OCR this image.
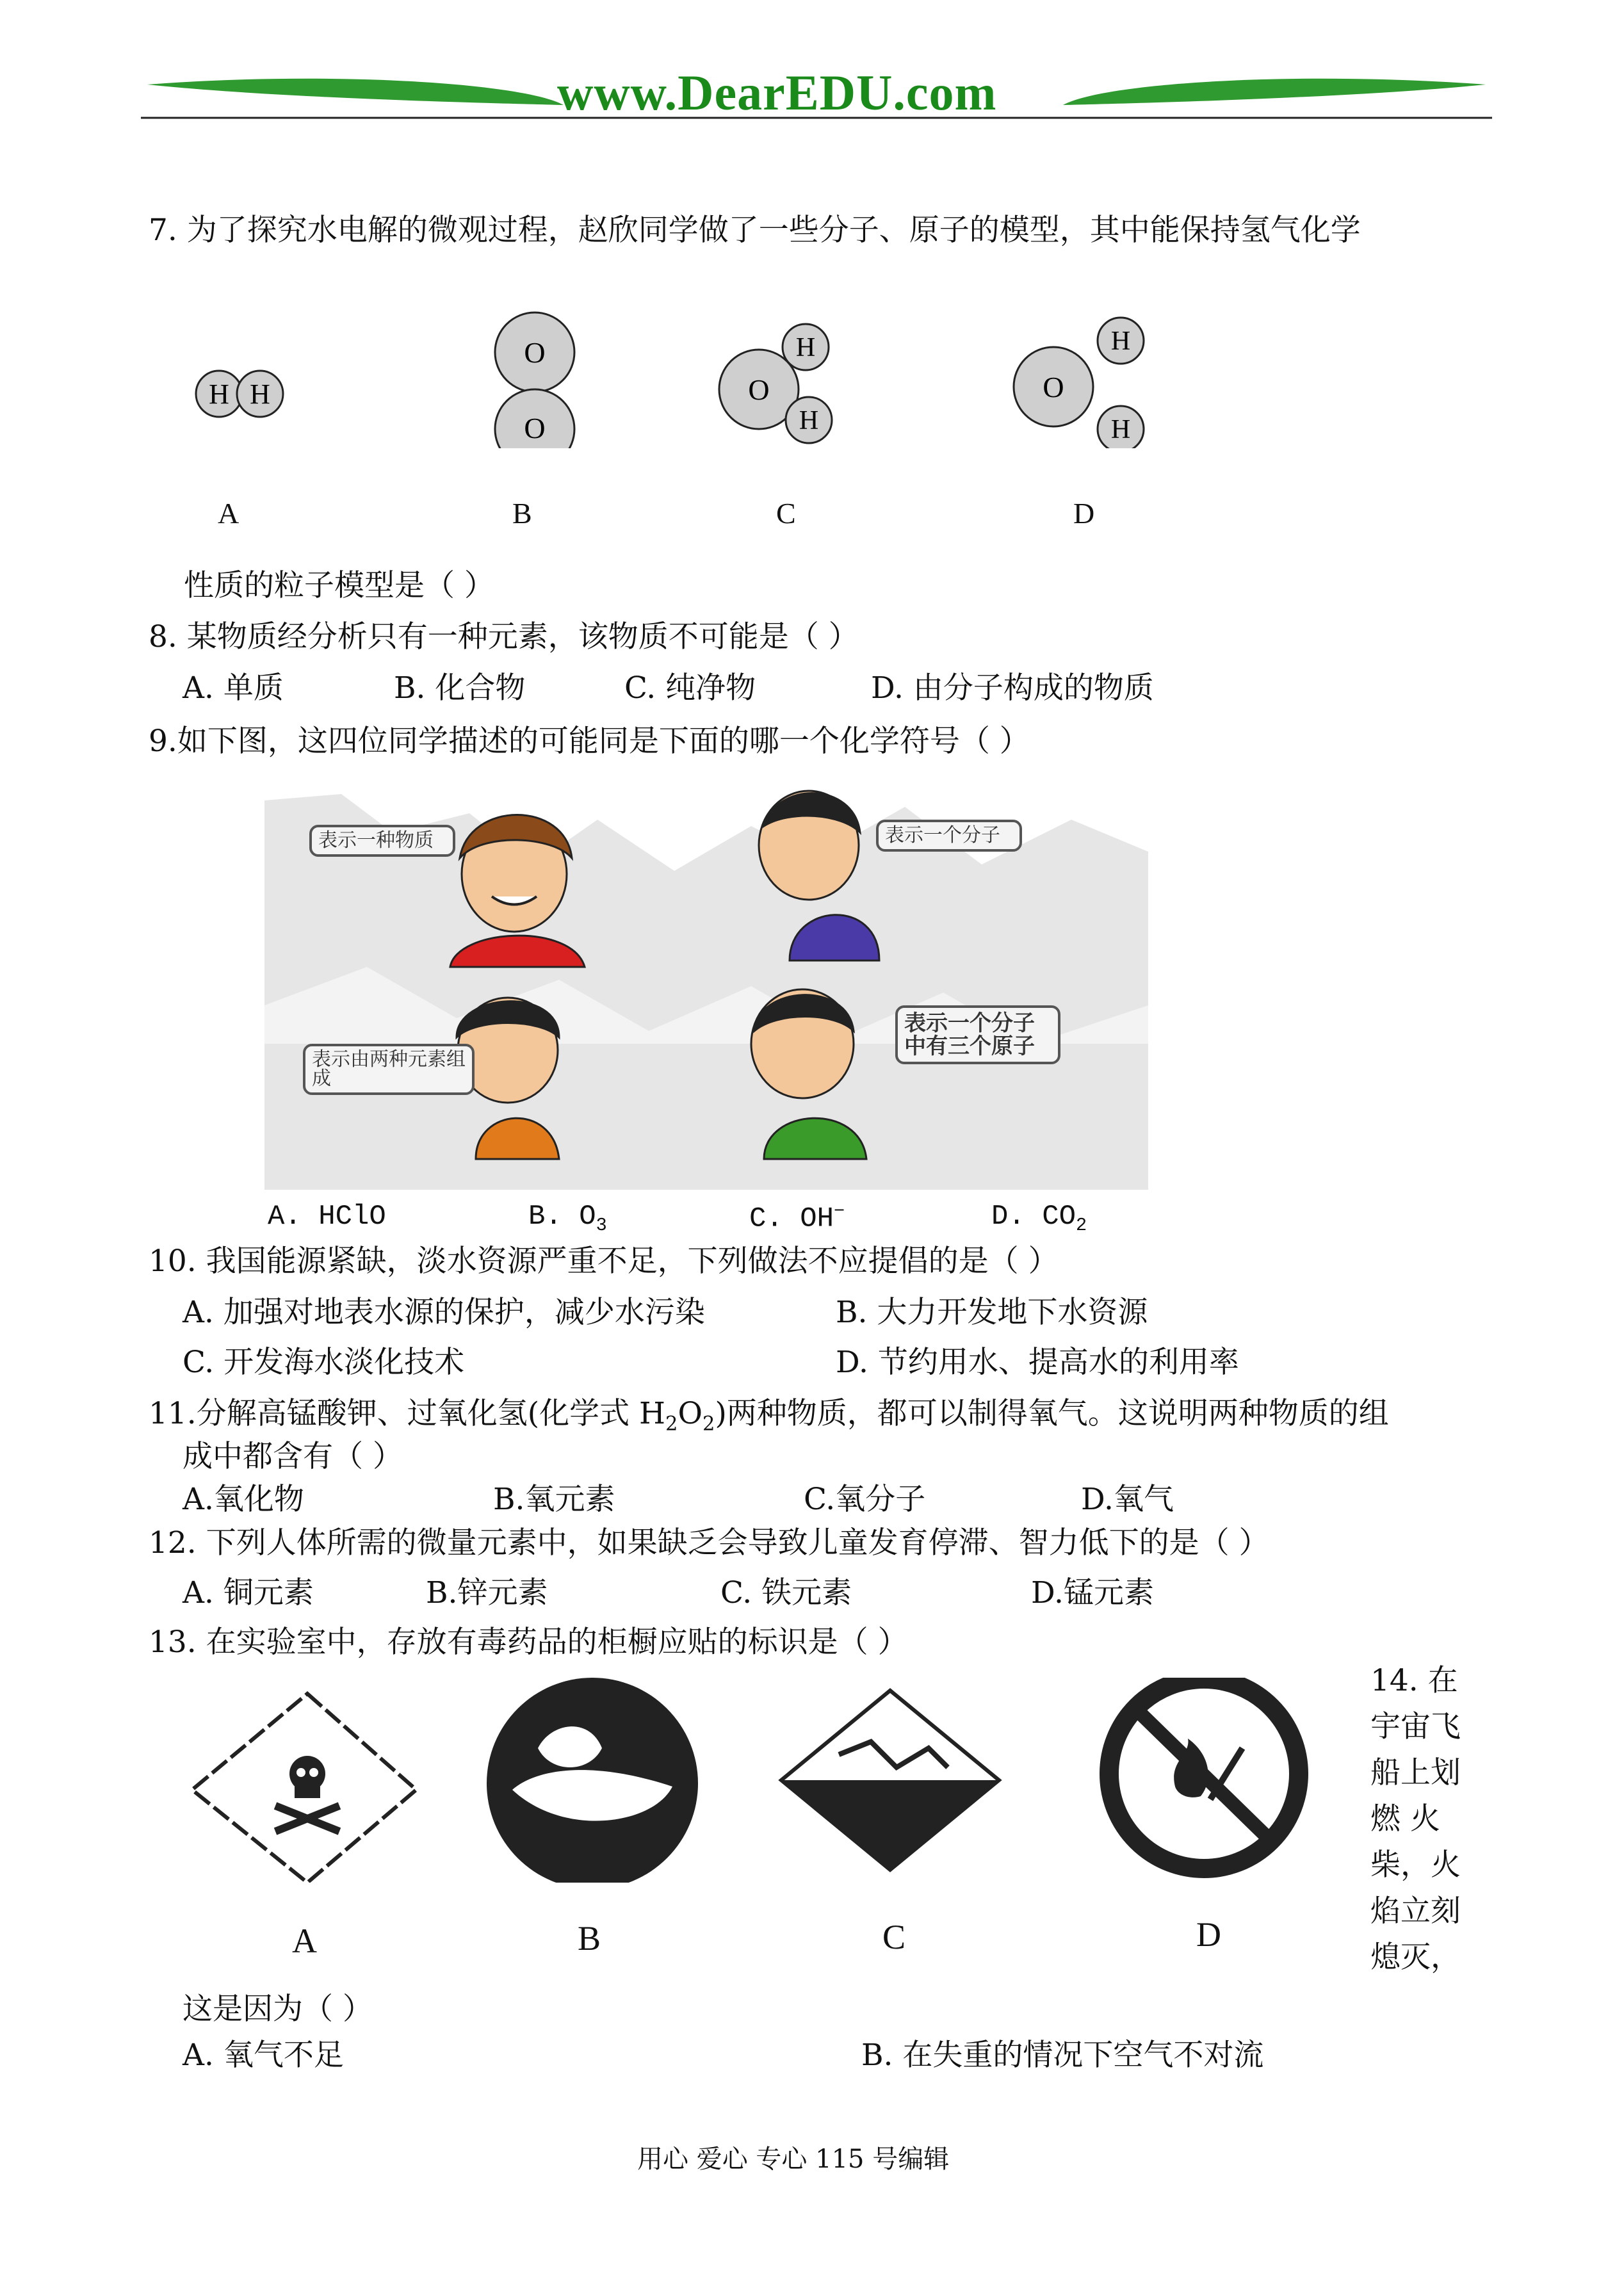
www.DearEDU.com
7. 为了探究水电解的微观过程，赵欣同学做了一些分子、原子的模型，其中能保持氢气化学
H H
O
O
O
H
H
O
H
H
A	B	C	D
性质的粒子模型是（ ）
8. 某物质经分析只有一种元素，该物质不可能是（ ）
A. 单质	B. 化合物	C. 纯净物	D. 由分子构成的物质
9.如下图，这四位同学描述的可能同是下面的哪一个化学符号（ ）
表示一种物质	表示一个分子
表示由两种元素组成
表示一个分子中有三个原子
A. HClO	B. $O_3$	C. OH−	D. $CO_2$
10. 我国能源紧缺，淡水资源严重不足，下列做法不应提倡的是（ ）
A. 加强对地表水源的保护，减少水污染	B. 大力开发地下水资源
C. 开发海水淡化技术	D. 节约用水、提高水的利用率
11.分解高锰酸钾、过氧化氢(化学式 $H_2O_2$)两种物质，都可以制得氧气。这说明两种物质的组
成中都含有（ ）
A.氧化物	B.氧元素	C.氧分子	D.氧气
12. 下列人体所需的微量元素中，如果缺乏会导致儿童发育停滞、智力低下的是（ ）
A. 铜元素	B.锌元素	C. 铁元素	D.锰元素
13. 在实验室中，存放有毒药品的柜橱应贴的标识是（ ）
A	B	C	D
14. 在
宇宙飞
船上划
燃 火
柴，火
焰立刻
熄灭，
这是因为（ ）
A. 氧气不足	B. 在失重的情况下空气不对流
用心 爱心 专心 115 号编辑
